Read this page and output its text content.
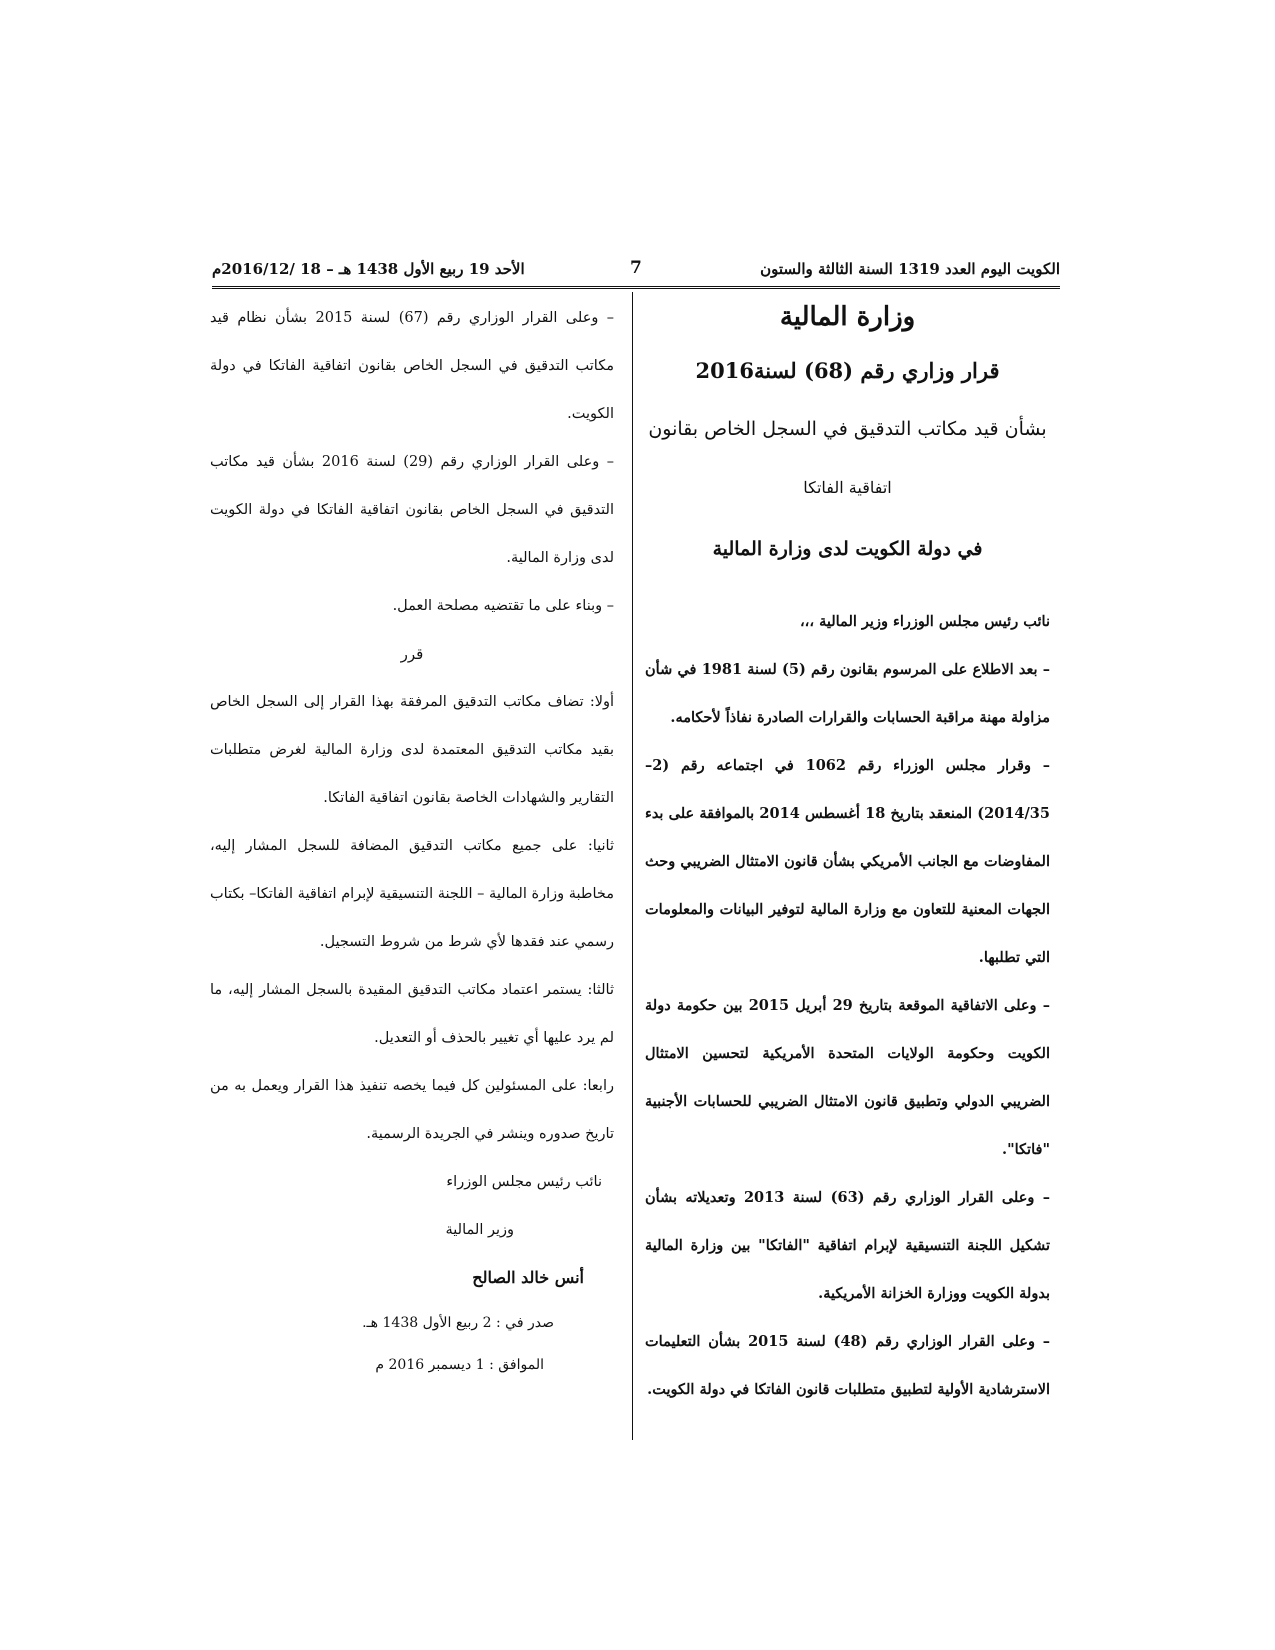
الأحد 19 ربيع الأول 1438 هـ – 18 /2016/12م	7	الكويت اليوم العدد 1319 السنة الثالثة والستون
وزارة المالية
قرار وزاري رقم (68) لسنة2016
بشأن قيد مكاتب التدقيق في السجل الخاص بقانون
اتفاقية الفاتكا
في دولة الكويت لدى وزارة المالية

نائب رئيس مجلس الوزراء وزير المالية ،،،

– بعد الاطلاع على المرسوم بقانون رقم (5) لسنة 1981 في شأن مزاولة مهنة مراقبة الحسابات والقرارات الصادرة نفاذاً لأحكامه.

– وقرار مجلس الوزراء رقم 1062 في اجتماعه رقم (2–2014/35) المنعقد بتاريخ 18 أغسطس 2014 بالموافقة على بدء المفاوضات مع الجانب الأمريكي بشأن قانون الامتثال الضريبي وحث الجهات المعنية للتعاون مع وزارة المالية لتوفير البيانات والمعلومات التي تطلبها.

– وعلى الاتفاقية الموقعة بتاريخ 29 أبريل 2015 بين حكومة دولة الكويت وحكومة الولايات المتحدة الأمريكية لتحسين الامتثال الضريبي الدولي وتطبيق قانون الامتثال الضريبي للحسابات الأجنبية "فاتكا".

– وعلى القرار الوزاري رقم (63) لسنة 2013 وتعديلاته بشأن تشكيل اللجنة التنسيقية لإبرام اتفاقية "الفاتكا" بين وزارة المالية بدولة الكويت ووزارة الخزانة الأمريكية.

– وعلى القرار الوزاري رقم (48) لسنة 2015 بشأن التعليمات الاسترشادية الأولية لتطبيق متطلبات قانون الفاتكا في دولة الكويت.

– وعلى القرار الوزاري رقم (67) لسنة 2015 بشأن نظام قيد مكاتب التدقيق في السجل الخاص بقانون اتفاقية الفاتكا في دولة الكويت.

– وعلى القرار الوزاري رقم (29) لسنة 2016 بشأن قيد مكاتب التدقيق في السجل الخاص بقانون اتفاقية الفاتكا في دولة الكويت لدى وزارة المالية.

– وبناء على ما تقتضيه مصلحة العمل.

قرر

أولا: تضاف مكاتب التدقيق المرفقة بهذا القرار إلى السجل الخاص بقيد مكاتب التدقيق المعتمدة لدى وزارة المالية لغرض متطلبات التقارير والشهادات الخاصة بقانون اتفاقية الفاتكا.

ثانيا: على جميع مكاتب التدقيق المضافة للسجل المشار إليه، مخاطبة وزارة المالية – اللجنة التنسيقية لإبرام اتفاقية الفاتكا– بكتاب رسمي عند فقدها لأي شرط من شروط التسجيل.

ثالثا: يستمر اعتماد مكاتب التدقيق المقيدة بالسجل المشار إليه، ما لم يرد عليها أي تغيير بالحذف أو التعديل.

رابعا: على المسئولين كل فيما يخصه تنفيذ هذا القرار ويعمل به من تاريخ صدوره وينشر في الجريدة الرسمية.

نائب رئيس مجلس الوزراء

وزير المالية

أنس خالد الصالح

صدر في : 2 ربيع الأول 1438 هـ.

الموافق : 1 ديسمبر 2016 م
